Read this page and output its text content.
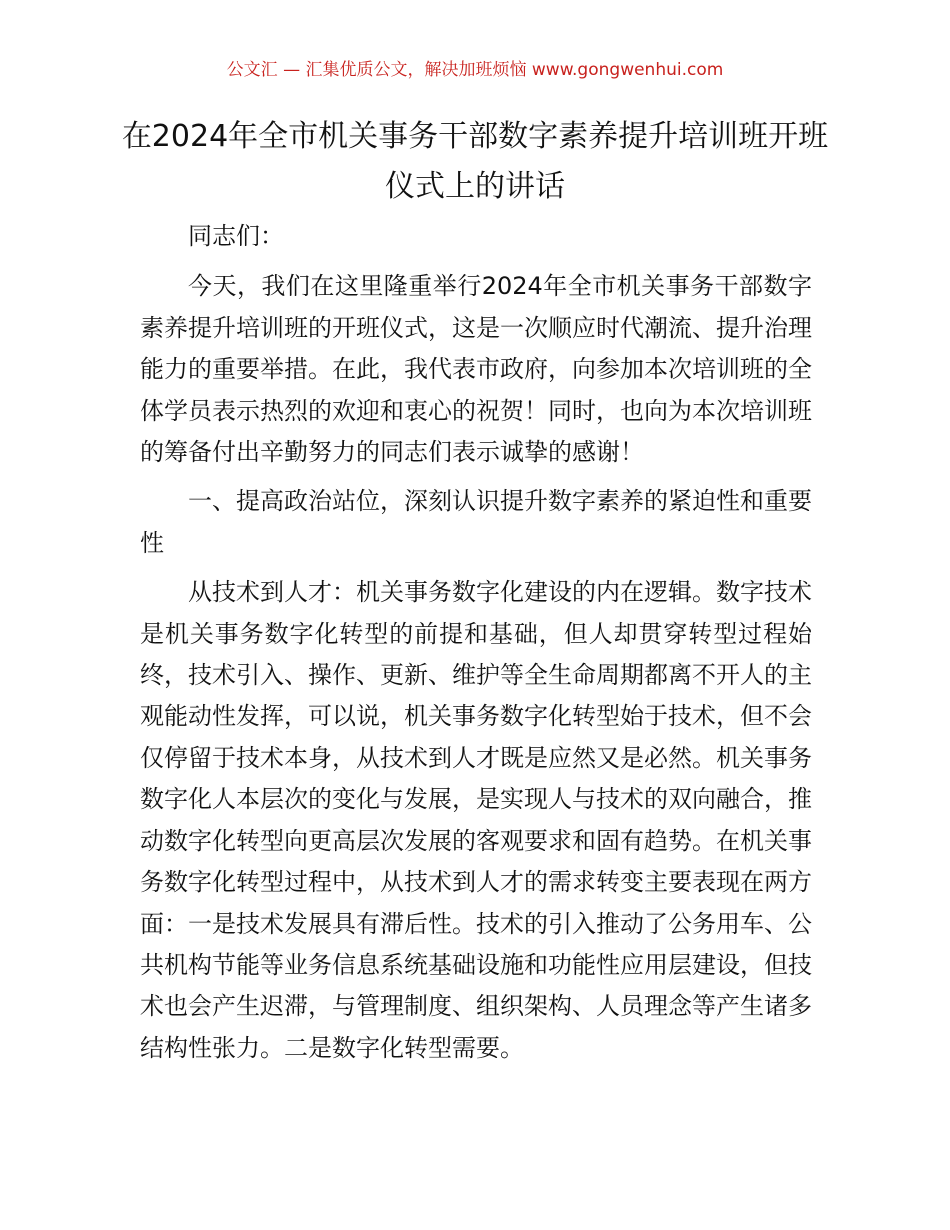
公文汇 — 汇集优质公文，解决加班烦恼 www.gongwenhui.com
在2024年全市机关事务干部数字素养提升培训班开班仪式上的讲话

同志们：

今天，我们在这里隆重举行2024年全市机关事务干部数字素养提升培训班的开班仪式，这是一次顺应时代潮流、提升治理能力的重要举措。在此，我代表市政府，向参加本次培训班的全体学员表示热烈的欢迎和衷心的祝贺！同时，也向为本次培训班的筹备付出辛勤努力的同志们表示诚挚的感谢！

一、提高政治站位，深刻认识提升数字素养的紧迫性和重要性

从技术到人才：机关事务数字化建设的内在逻辑。数字技术是机关事务数字化转型的前提和基础，但人却贯穿转型过程始终，技术引入、操作、更新、维护等全生命周期都离不开人的主观能动性发挥，可以说，机关事务数字化转型始于技术，但不会仅停留于技术本身，从技术到人才既是应然又是必然。机关事务数字化人本层次的变化与发展，是实现人与技术的双向融合，推动数字化转型向更高层次发展的客观要求和固有趋势。在机关事务数字化转型过程中，从技术到人才的需求转变主要表现在两方面：一是技术发展具有滞后性。技术的引入推动了公务用车、公共机构节能等业务信息系统基础设施和功能性应用层建设，但技术也会产生迟滞，与管理制度、组织架构、人员理念等产生诸多结构性张力。二是数字化转型需要。
